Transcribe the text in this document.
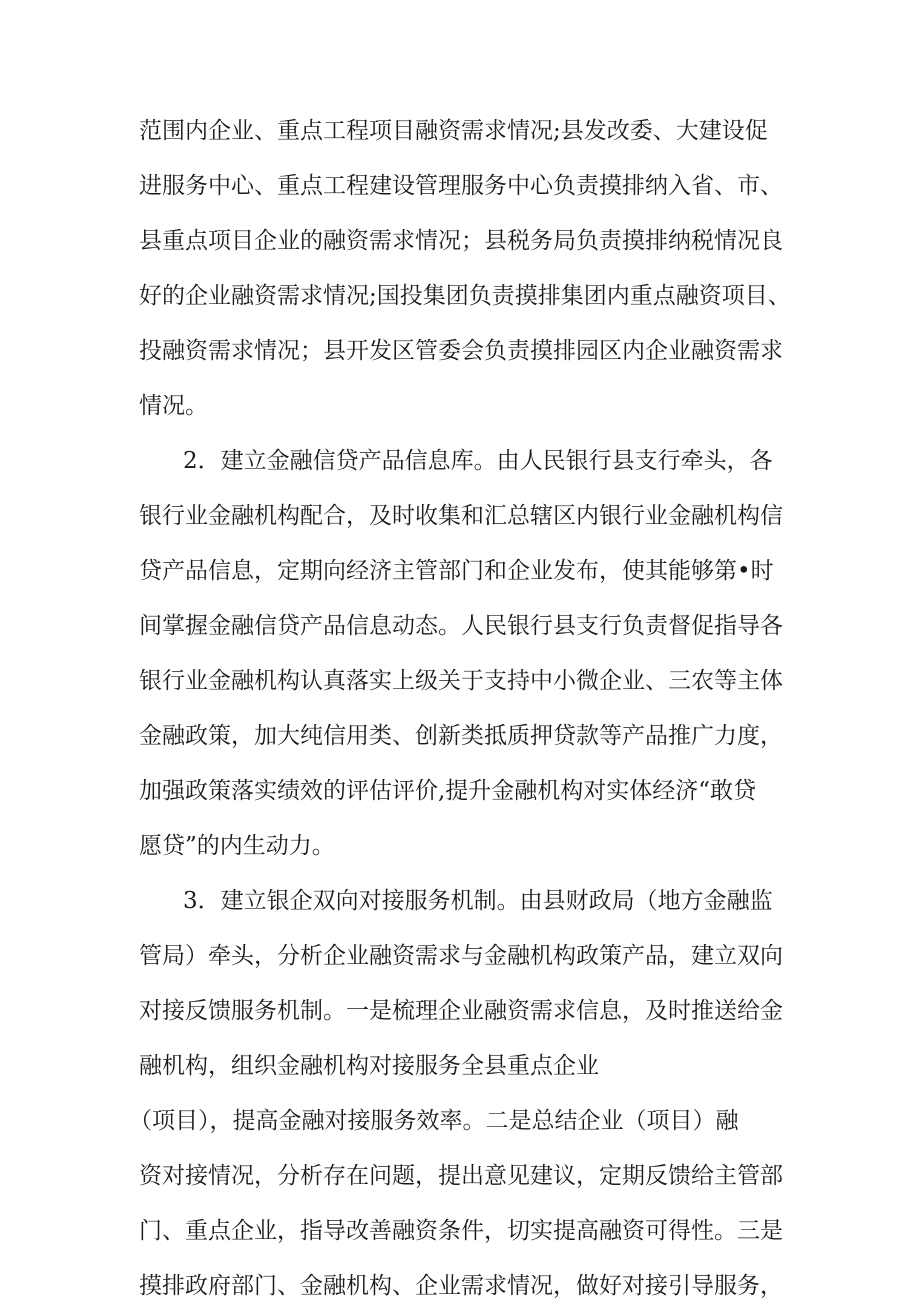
范围内企业、重点工程项目融资需求情况;县发改委、大建设促
进服务中心、重点工程建设管理服务中心负责摸排纳入省、市、
县重点项目企业的融资需求情况；县税务局负责摸排纳税情况良
好的企业融资需求情况;国投集团负责摸排集团内重点融资项目、
投融资需求情况；县开发区管委会负责摸排园区内企业融资需求
情况。
2．建立金融信贷产品信息库。由人民银行县支行牵头，各
银行业金融机构配合，及时收集和汇总辖区内银行业金融机构信
贷产品信息，定期向经济主管部门和企业发布，使其能够第•时
间掌握金融信贷产品信息动态。人民银行县支行负责督促指导各
银行业金融机构认真落实上级关于支持中小微企业、三农等主体
金融政策，加大纯信用类、创新类抵质押贷款等产品推广力度，
加强政策落实绩效的评估评价,提升金融机构对实体经济“敢贷
愿贷”的内生动力。
3．建立银企双向对接服务机制。由县财政局（地方金融监
管局）牵头，分析企业融资需求与金融机构政策产品，建立双向
对接反馈服务机制。一是梳理企业融资需求信息，及时推送给金
融机构，组织金融机构对接服务全县重点企业
（项目），提高金融对接服务效率。二是总结企业（项目）融
资对接情况，分析存在问题，提出意见建议，定期反馈给主管部
门、重点企业，指导改善融资条件，切实提高融资可得性。三是
摸排政府部门、金融机构、企业需求情况，做好对接引导服务，
